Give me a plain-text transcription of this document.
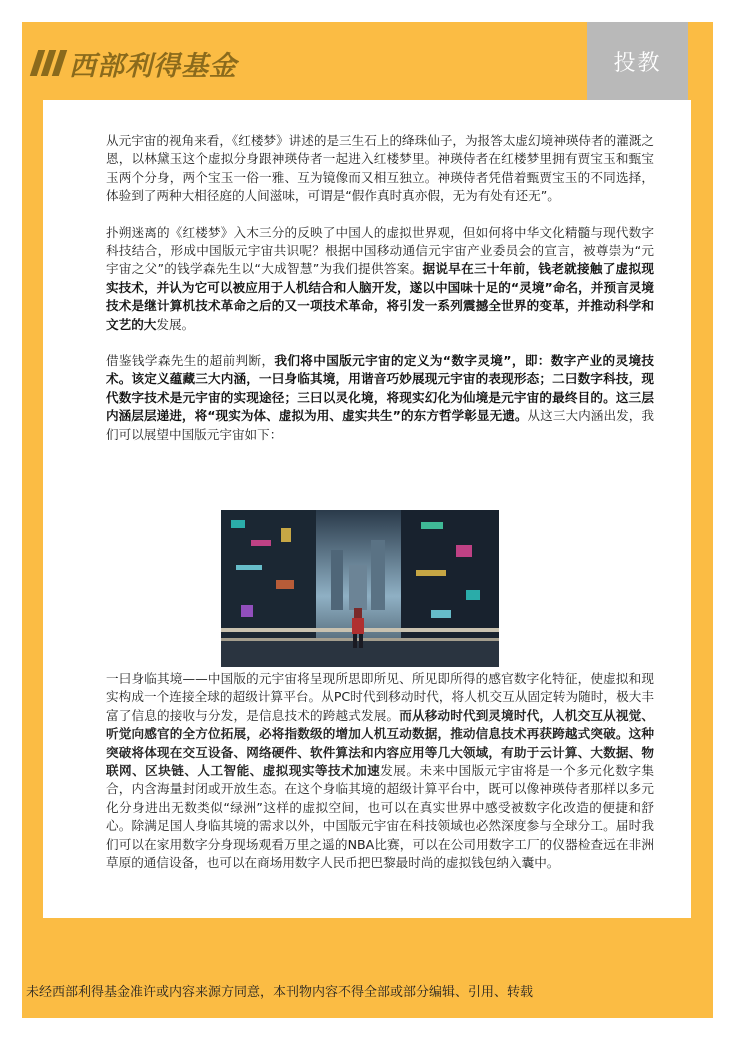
西部利得基金	投教

从元宇宙的视角来看，《红楼梦》讲述的是三生石上的绛珠仙子，为报答太虚幻境神瑛侍者的灌溉之恩，以林黛玉这个虚拟分身跟神瑛侍者一起进入红楼梦里。神瑛侍者在红楼梦里拥有贾宝玉和甄宝玉两个分身，两个宝玉一俗一雅、互为镜像而又相互独立。神瑛侍者凭借着甄贾宝玉的不同选择，体验到了两种大相径庭的人间滋味，可谓是“假作真时真亦假，无为有处有还无”。

扑朔迷离的《红楼梦》入木三分的反映了中国人的虚拟世界观，但如何将中华文化精髓与现代数字科技结合，形成中国版元宇宙共识呢？根据中国移动通信元宇宙产业委员会的宣言，被尊崇为“元宇宙之父”的钱学森先生以“大成智慧”为我们提供答案。据说早在三十年前，钱老就接触了虚拟现实技术，并认为它可以被应用于人机结合和人脑开发，遂以中国味十足的“灵境”命名，并预言灵境技术是继计算机技术革命之后的又一项技术革命，将引发一系列震撼全世界的变革，并推动科学和文艺的大发展。

借鉴钱学森先生的超前判断，我们将中国版元宇宙的定义为“数字灵境”，即：数字产业的灵境技术。该定义蕴藏三大内涵，一曰身临其境，用谐音巧妙展现元宇宙的表现形态；二曰数字科技，现代数字技术是元宇宙的实现途径；三曰以灵化境，将现实幻化为仙境是元宇宙的最终目的。这三层内涵层层递进，将“现实为体、虚拟为用、虚实共生”的东方哲学彰显无遗。从这三大内涵出发，我们可以展望中国版元宇宙如下：

一曰身临其境——中国版的元宇宙将呈现所思即所见、所见即所得的感官数字化特征，使虚拟和现实构成一个连接全球的超级计算平台。从PC时代到移动时代，将人机交互从固定转为随时，极大丰富了信息的接收与分发，是信息技术的跨越式发展。而从移动时代到灵境时代，人机交互从视觉、听觉向感官的全方位拓展，必将指数级的增加人机互动数据，推动信息技术再获跨越式突破。这种突破将体现在交互设备、网络硬件、软件算法和内容应用等几大领域，有助于云计算、大数据、物联网、区块链、人工智能、虚拟现实等技术加速发展。未来中国版元宇宙将是一个多元化数字集合，内含海量封闭或开放生态。在这个身临其境的超级计算平台中，既可以像神瑛侍者那样以多元化分身进出无数类似“绿洲”这样的虚拟空间，也可以在真实世界中感受被数字化改造的便捷和舒心。除满足国人身临其境的需求以外，中国版元宇宙在科技领域也必然深度参与全球分工。届时我们可以在家用数字分身现场观看万里之遥的NBA比赛，可以在公司用数字工厂的仪器检查远在非洲草原的通信设备，也可以在商场用数字人民币把巴黎最时尚的虚拟钱包纳入囊中。

未经西部利得基金准许或内容来源方同意，本刊物内容不得全部或部分编辑、引用、转载
